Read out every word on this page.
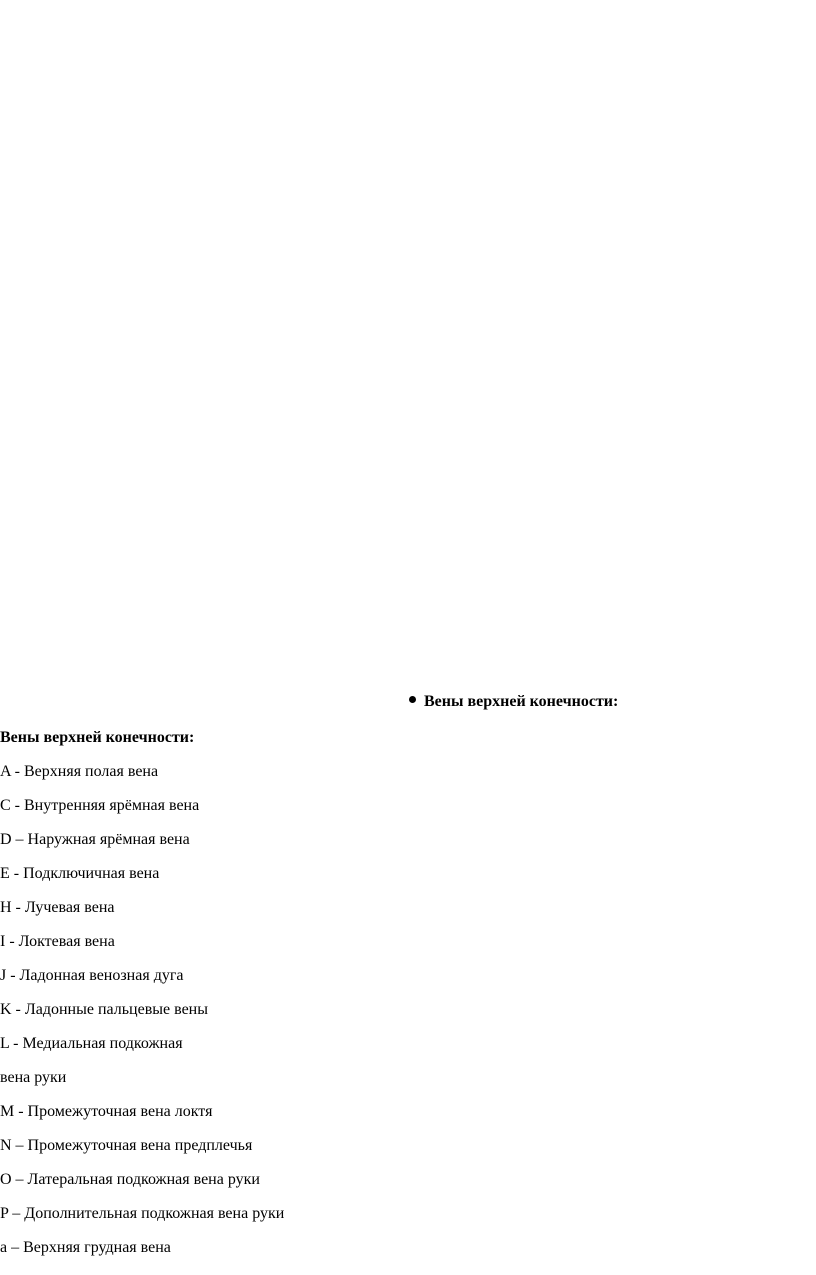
Вены верхней конечности:
Вены верхней конечности:
A - Верхняя полая вена
C - Внутренняя ярёмная вена
D – Наружная ярёмная вена
E - Подключичная вена
H - Лучевая вена
I - Локтевая вена
J - Ладонная венозная дуга
K - Ладонные пальцевые вены
L - Медиальная подкожная
вена руки
M - Промежуточная вена локтя
N – Промежуточная вена предплечья
O – Латеральная подкожная вена руки
P – Дополнительная подкожная вена руки
a – Верхняя грудная вена
